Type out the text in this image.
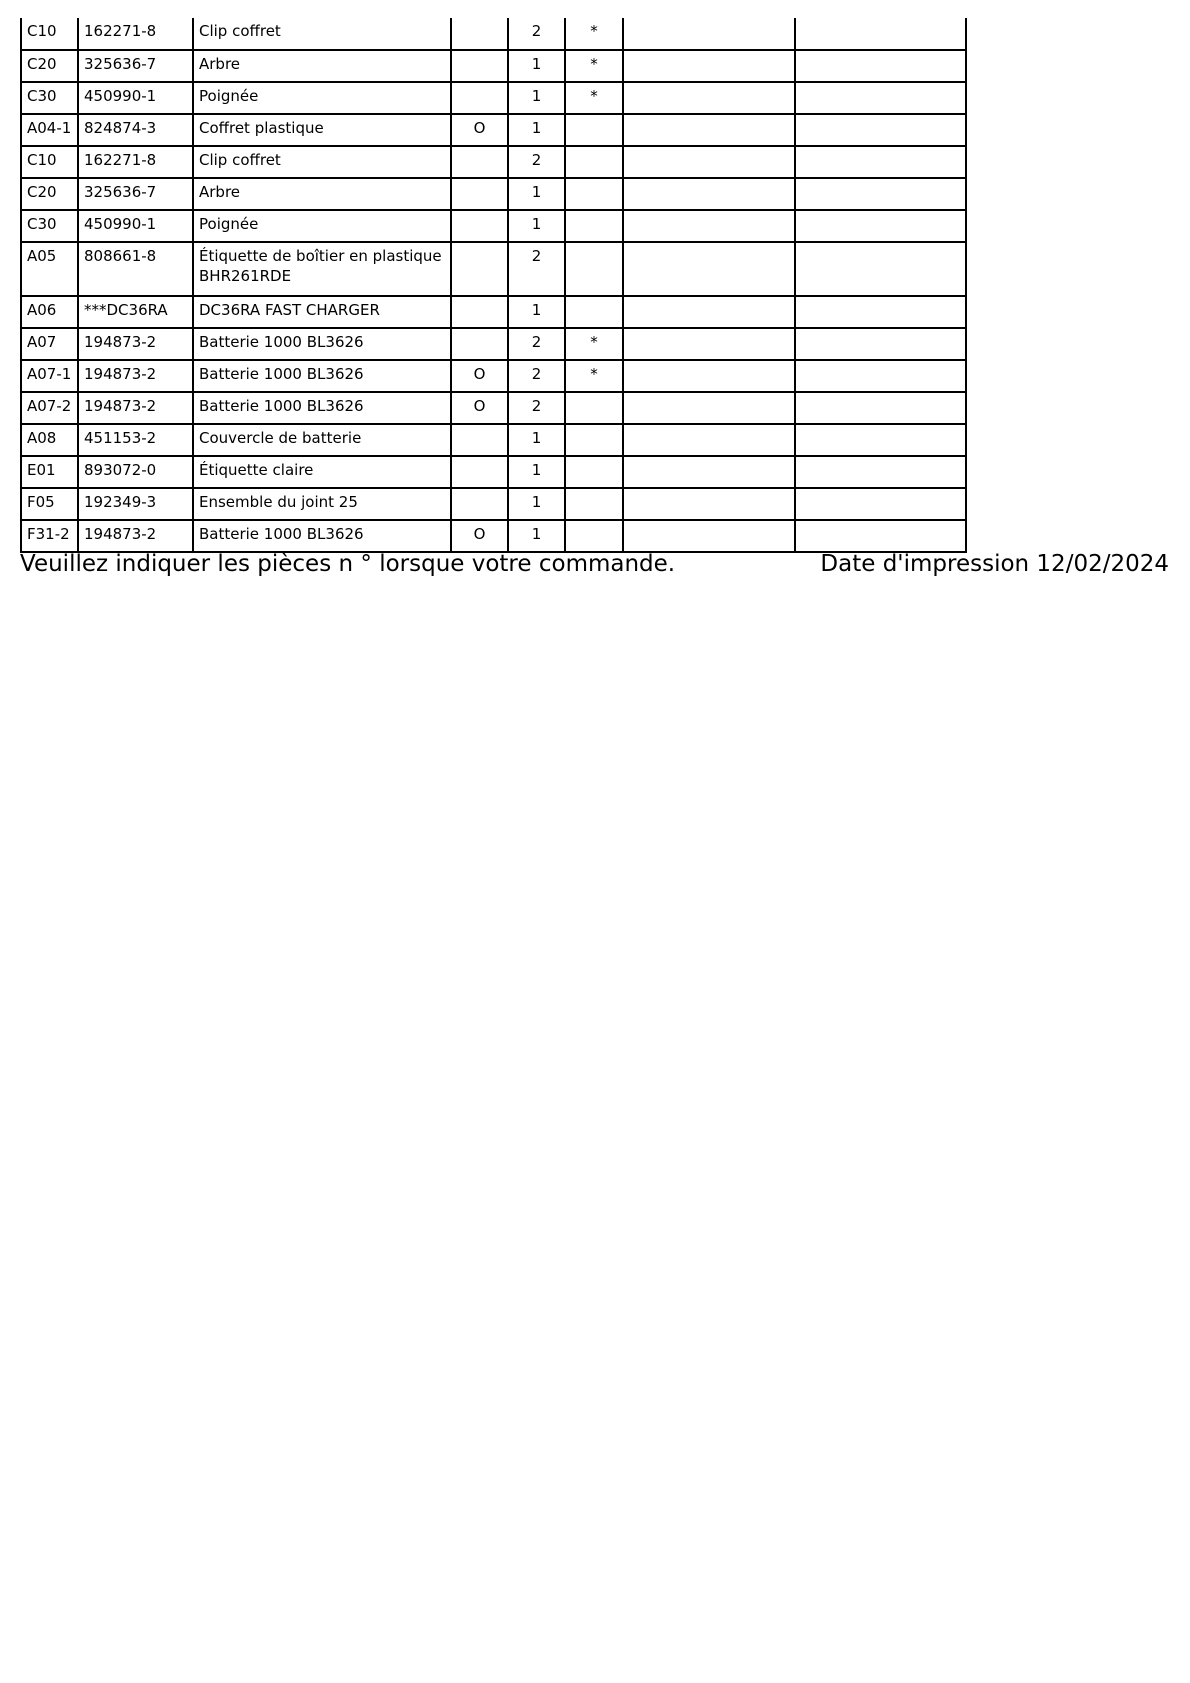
C10	162271-8	Clip coffret		2	*		

C20	325636-7	Arbre		1	*		

C30	450990-1	Poignée		1	*		

A04-1	824874-3	Coffret plastique	O	1			

C10	162271-8	Clip coffret		2			

C20	325636-7	Arbre		1			

C30	450990-1	Poignée		1			

A05	808661-8	Étiquette de boîtier en plastique BHR261RDE		2			

A06	***DC36RA	DC36RA FAST CHARGER		1			

A07	194873-2	Batterie 1000 BL3626		2	*		

A07-1	194873-2	Batterie 1000 BL3626	O	2	*		

A07-2	194873-2	Batterie 1000 BL3626	O	2			

A08	451153-2	Couvercle de batterie		1			

E01	893072-0	Étiquette claire		1			

F05	192349-3	Ensemble du joint 25		1			

F31-2	194873-2	Batterie 1000 BL3626	O	1			

Veuillez indiquer les pièces n ° lorsque votre commande.	Date d'impression 12/02/2024
